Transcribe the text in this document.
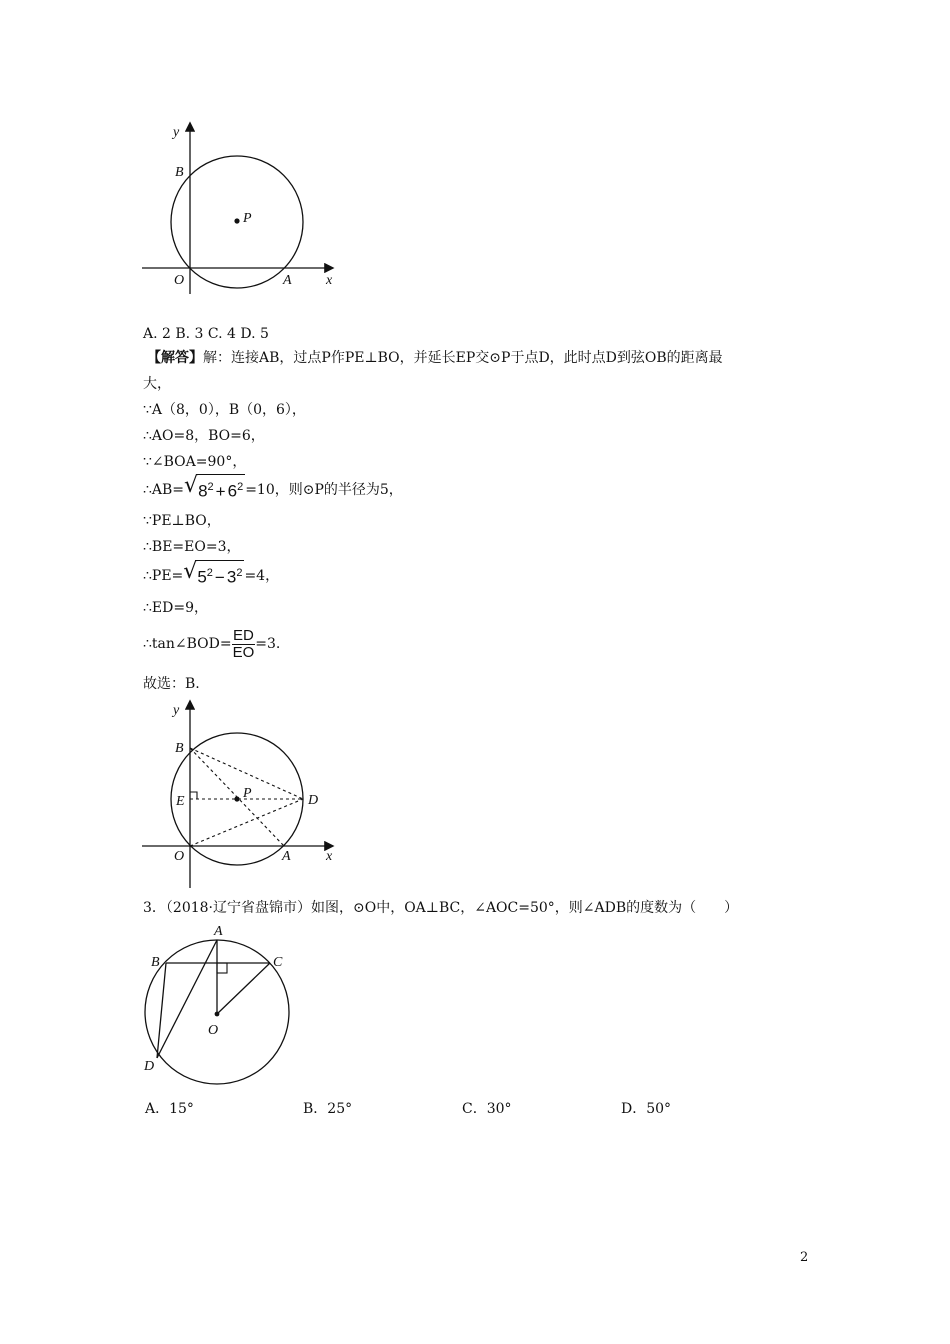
y
B
P
O	A x
A. 2 B. 3 C. 4 D. 5
【解答】解：连接AB，过点P作PE⊥BO，并延长EP交⊙P于点D，此时点D到弦OB的距离最
大，
∵A（8，0），B（0，6），
∴AO=8，BO=6，
∵∠BOA=90°，
$\therefore AB=√8^2 + 6^2 =10$，则⊙P的半径为5，
∵PE⊥BO，
∴BE=EO=3，
$\therefore PE=√5^2 - 3^2 =4$，
∴ED=9，
∴tan∠BOD= $\frac{ED}{EO} =3$.
故选：B.
y
B
E
P	D
O	A	x
3．（2018·辽宁省盘锦市）如图，⊙O中，OA⊥BC，∠AOC=50°，则∠ADB的度数为（　　）
A
B	C
O
D
A．15°	B．25°	C．30°	D．50°
2
